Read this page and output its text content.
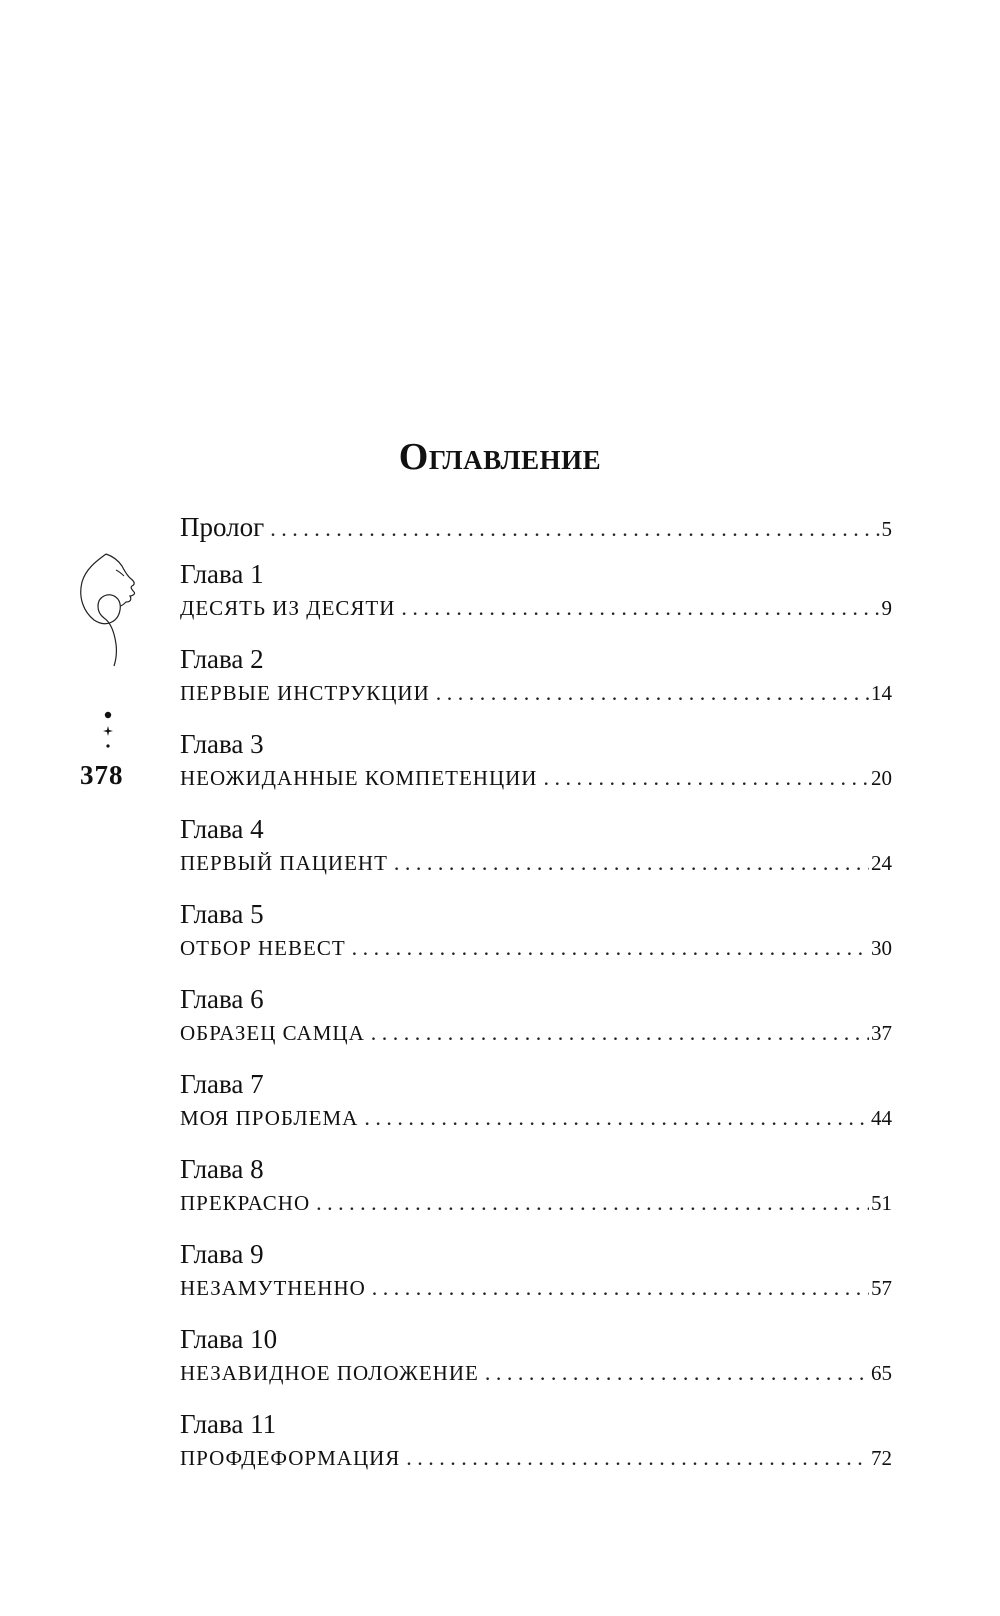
Оглавление
378
Пролог . . .	5
Глава 1
ДЕСЯТЬ ИЗ ДЕСЯТИ . . .	9
Глава 2
ПЕРВЫЕ ИНСТРУКЦИИ . . .	14
Глава 3
НЕОЖИДАННЫЕ КОМПЕТЕНЦИИ . . .	20
Глава 4
ПЕРВЫЙ ПАЦИЕНТ . . .	24
Глава 5
ОТБОР НЕВЕСТ . . .	30
Глава 6
ОБРАЗЕЦ САМЦА . . .	37
Глава 7
МОЯ ПРОБЛЕМА . . .	44
Глава 8
ПРЕКРАСНО . . .	51
Глава 9
НЕЗАМУТНЕННО . . .	57
Глава 10
НЕЗАВИДНОЕ ПОЛОЖЕНИЕ . . .	65
Глава 11
ПРОФДЕФОРМАЦИЯ . . .	72
